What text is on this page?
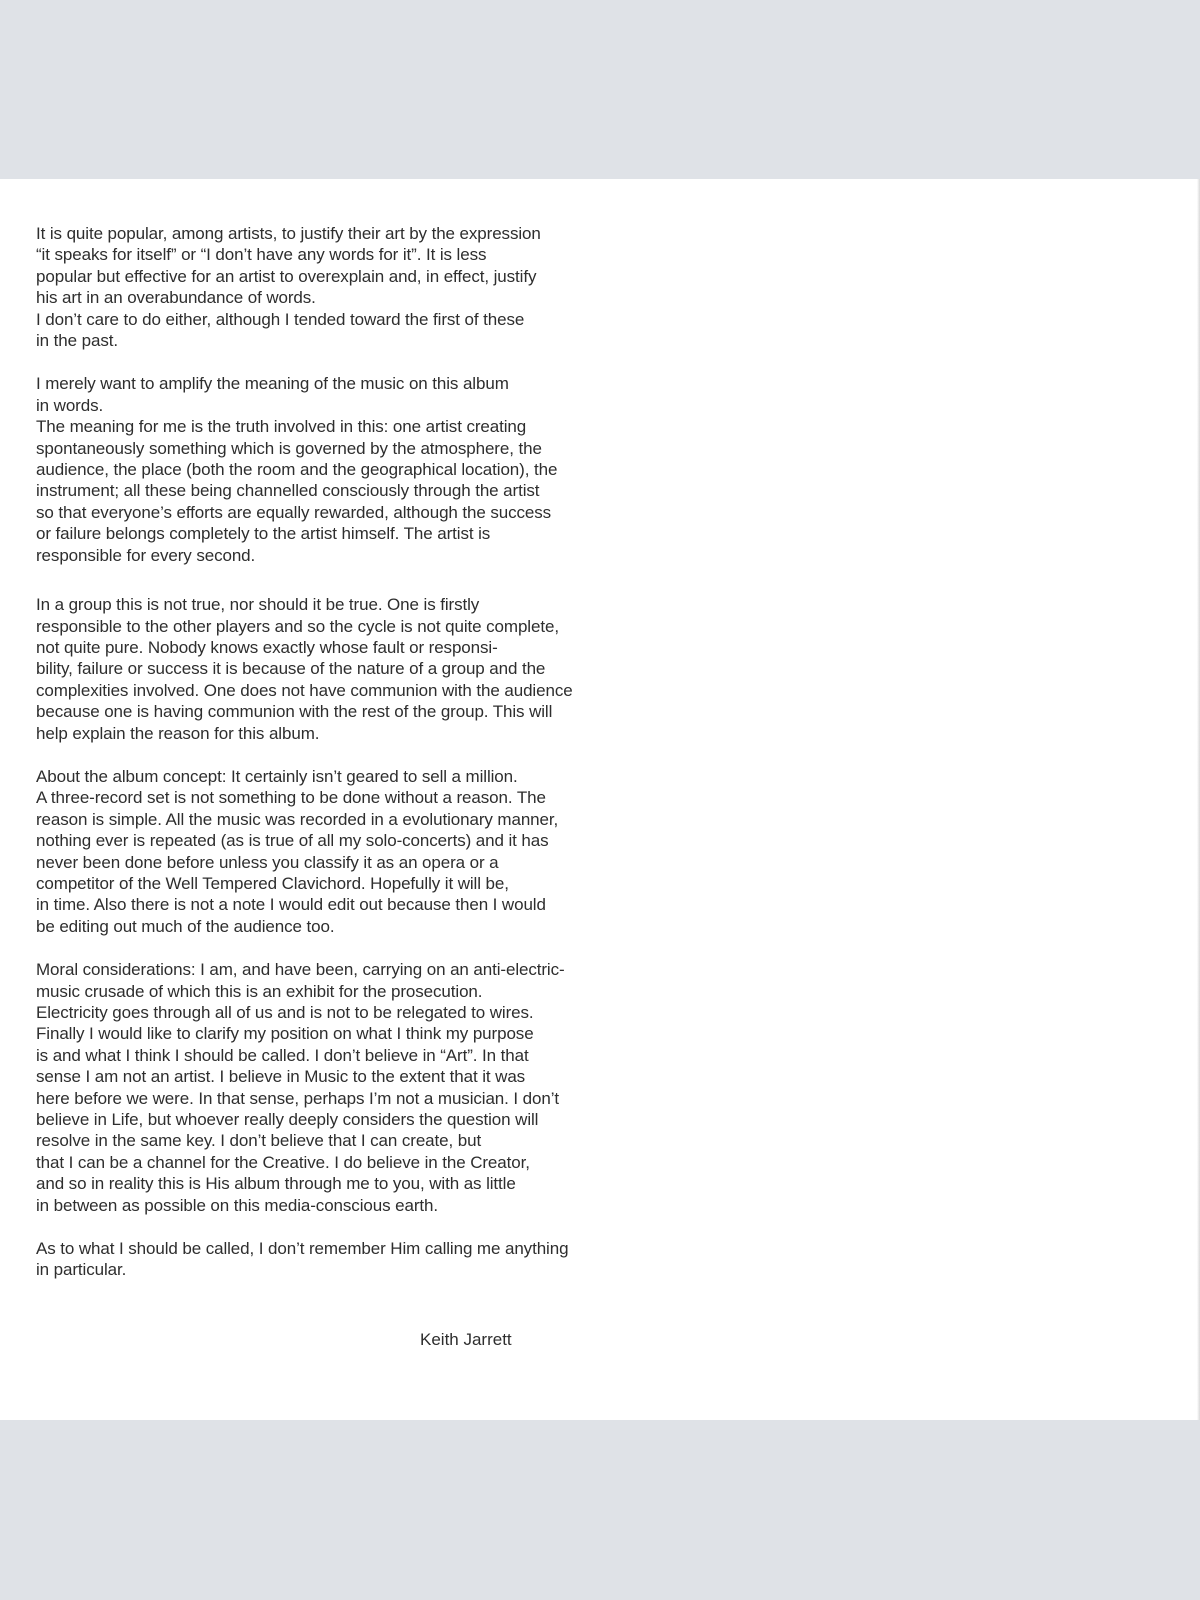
It is quite popular, among artists, to justify their art by the expression
“it speaks for itself” or “I don’t have any words for it”. It is less
popular but effective for an artist to overexplain and, in effect, justify
his art in an overabundance of words.
I don’t care to do either, although I tended toward the first of these
in the past.
I merely want to amplify the meaning of the music on this album
in words.
The meaning for me is the truth involved in this: one artist creating
spontaneously something which is governed by the atmosphere, the
audience, the place (both the room and the geographical location), the
instrument; all these being channelled consciously through the artist
so that everyone’s efforts are equally rewarded, although the success
or failure belongs completely to the artist himself. The artist is
responsible for every second.
In a group this is not true, nor should it be true. One is firstly
responsible to the other players and so the cycle is not quite complete,
not quite pure. Nobody knows exactly whose fault or responsi-
bility, failure or success it is because of the nature of a group and the
complexities involved. One does not have communion with the audience
because one is having communion with the rest of the group. This will
help explain the reason for this album.
About the album concept: It certainly isn’t geared to sell a million.
A three-record set is not something to be done without a reason. The
reason is simple. All the music was recorded in a evolutionary manner,
nothing ever is repeated (as is true of all my solo-concerts) and it has
never been done before unless you classify it as an opera or a
competitor of the Well Tempered Clavichord. Hopefully it will be,
in time. Also there is not a note I would edit out because then I would
be editing out much of the audience too.
Moral considerations: I am, and have been, carrying on an anti-electric-
music crusade of which this is an exhibit for the prosecution.
Electricity goes through all of us and is not to be relegated to wires.
Finally I would like to clarify my position on what I think my purpose
is and what I think I should be called. I don’t believe in “Art”. In that
sense I am not an artist. I believe in Music to the extent that it was
here before we were. In that sense, perhaps I’m not a musician. I don’t
believe in Life, but whoever really deeply considers the question will
resolve in the same key. I don’t believe that I can create, but
that I can be a channel for the Creative. I do believe in the Creator,
and so in reality this is His album through me to you, with as little
in between as possible on this media-conscious earth.
As to what I should be called, I don’t remember Him calling me anything
in particular.
Keith Jarrett
